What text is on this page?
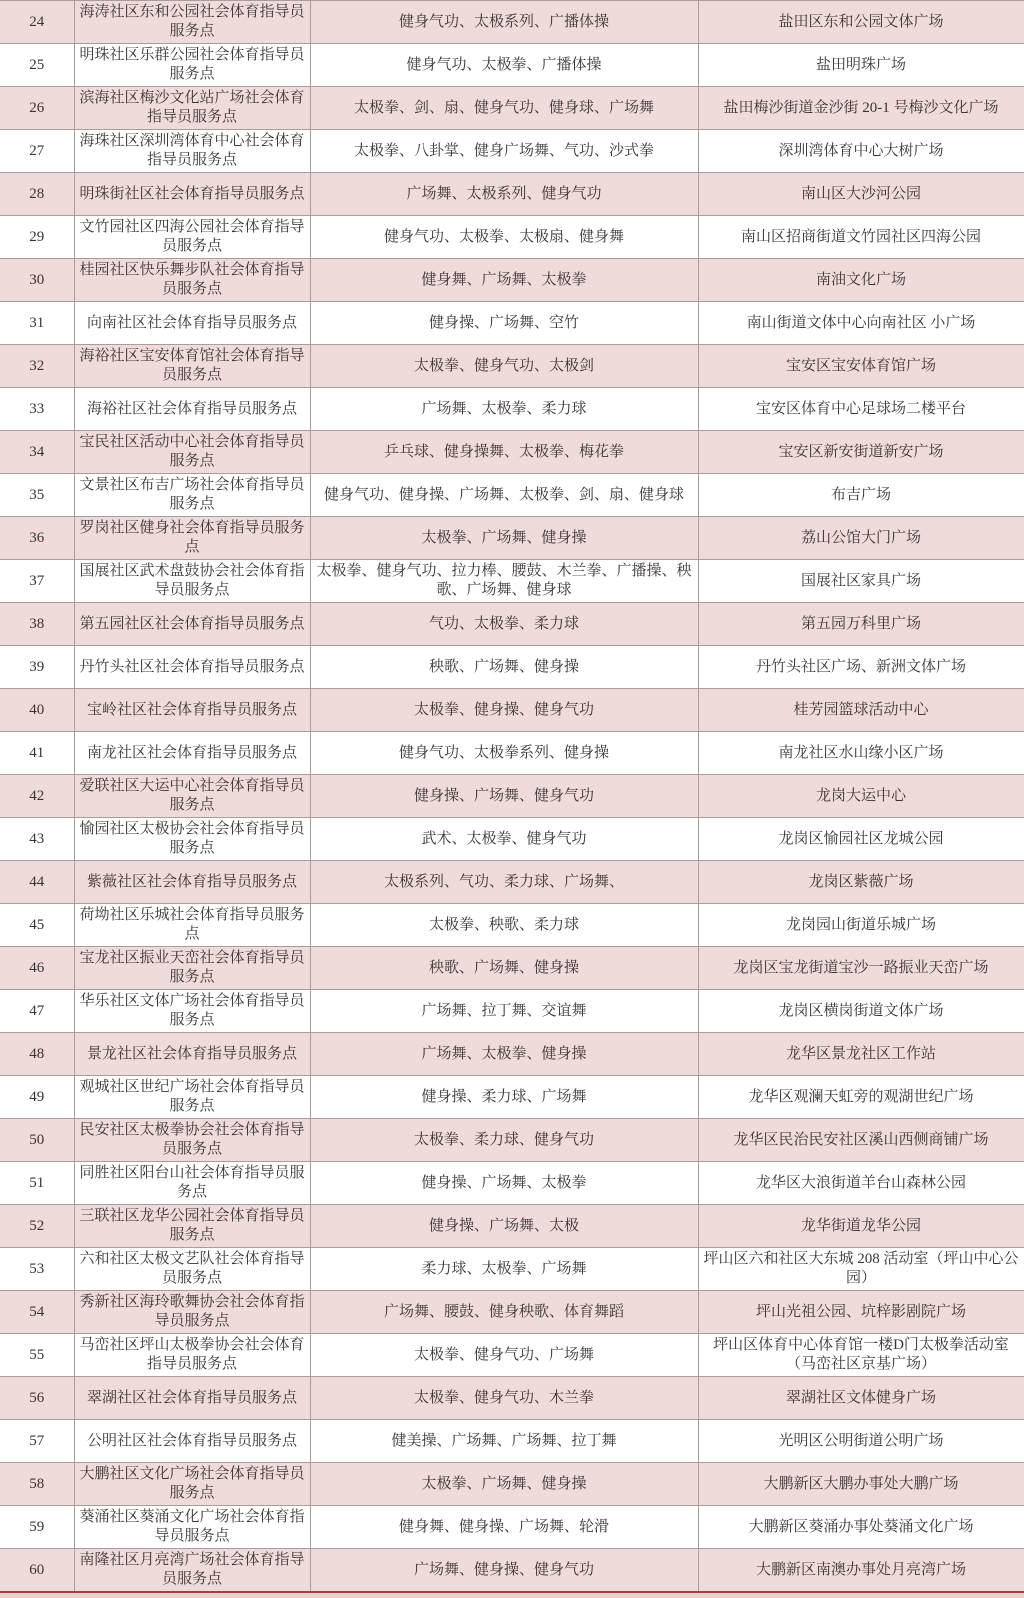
24	海涛社区东和公园社会体育指导员服务点	健身气功、太极系列、广播体操	盐田区东和公园文体广场
25	明珠社区乐群公园社会体育指导员服务点	健身气功、太极拳、广播体操	盐田明珠广场
26	滨海社区梅沙文化站广场社会体育指导员服务点	太极拳、剑、扇、健身气功、健身球、广场舞	盐田梅沙街道金沙街 20-1 号梅沙文化广场
27	海珠社区深圳湾体育中心社会体育指导员服务点	太极拳、八卦掌、健身广场舞、气功、沙式拳	深圳湾体育中心大树广场
28	明珠街社区社会体育指导员服务点	广场舞、太极系列、健身气功	南山区大沙河公园
29	文竹园社区四海公园社会体育指导员服务点	健身气功、太极拳、太极扇、健身舞	南山区招商街道文竹园社区四海公园
30	桂园社区快乐舞步队社会体育指导员服务点	健身舞、广场舞、太极拳	南油文化广场
31	向南社区社会体育指导员服务点	健身操、广场舞、空竹	南山街道文体中心向南社区 小广场
32	海裕社区宝安体育馆社会体育指导员服务点	太极拳、健身气功、太极剑	宝安区宝安体育馆广场
33	海裕社区社会体育指导员服务点	广场舞、太极拳、柔力球	宝安区体育中心足球场二楼平台
34	宝民社区活动中心社会体育指导员服务点	乒乓球、健身操舞、太极拳、梅花拳	宝安区新安街道新安广场
35	文景社区布吉广场社会体育指导员服务点	健身气功、健身操、广场舞、太极拳、剑、扇、健身球	布吉广场
36	罗岗社区健身社会体育指导员服务点	太极拳、广场舞、健身操	荔山公馆大门广场
37	国展社区武术盘鼓协会社会体育指导员服务点	太极拳、健身气功、拉力棒、腰鼓、木兰拳、广播操、秧歌、广场舞、健身球	国展社区家具广场
38	第五园社区社会体育指导员服务点	气功、太极拳、柔力球	第五园万科里广场
39	丹竹头社区社会体育指导员服务点	秧歌、广场舞、健身操	丹竹头社区广场、新洲文体广场
40	宝岭社区社会体育指导员服务点	太极拳、健身操、健身气功	桂芳园篮球活动中心
41	南龙社区社会体育指导员服务点	健身气功、太极拳系列、健身操	南龙社区水山缘小区广场
42	爱联社区大运中心社会体育指导员服务点	健身操、广场舞、健身气功	龙岗大运中心
43	愉园社区太极协会社会体育指导员服务点	武术、太极拳、健身气功	龙岗区愉园社区龙城公园
44	紫薇社区社会体育指导员服务点	太极系列、气功、柔力球、广场舞、	龙岗区紫薇广场
45	荷坳社区乐城社会体育指导员服务点	太极拳、秧歌、柔力球	龙岗园山街道乐城广场
46	宝龙社区振业天峦社会体育指导员服务点	秧歌、广场舞、健身操	龙岗区宝龙街道宝沙一路振业天峦广场
47	华乐社区文体广场社会体育指导员服务点	广场舞、拉丁舞、交谊舞	龙岗区横岗街道文体广场
48	景龙社区社会体育指导员服务点	广场舞、太极拳、健身操	龙华区景龙社区工作站
49	观城社区世纪广场社会体育指导员服务点	健身操、柔力球、广场舞	龙华区观澜天虹旁的观湖世纪广场
50	民安社区太极拳协会社会体育指导员服务点	太极拳、柔力球、健身气功	龙华区民治民安社区溪山西侧商铺广场
51	同胜社区阳台山社会体育指导员服务点	健身操、广场舞、太极拳	龙华区大浪街道羊台山森林公园
52	三联社区龙华公园社会体育指导员服务点	健身操、广场舞、太极	龙华街道龙华公园
53	六和社区太极文艺队社会体育指导员服务点	柔力球、太极拳、广场舞	坪山区六和社区大东城 208 活动室（坪山中心公园）
54	秀新社区海玲歌舞协会社会体育指导员服务点	广场舞、腰鼓、健身秧歌、体育舞蹈	坪山光祖公园、坑梓影剧院广场
55	马峦社区坪山太极拳协会社会体育指导员服务点	太极拳、健身气功、广场舞	坪山区体育中心体育馆一楼D门太极拳活动室（马峦社区京基广场）
56	翠湖社区社会体育指导员服务点	太极拳、健身气功、木兰拳	翠湖社区文体健身广场
57	公明社区社会体育指导员服务点	健美操、广场舞、广场舞、拉丁舞	光明区公明街道公明广场
58	大鹏社区文化广场社会体育指导员服务点	太极拳、广场舞、健身操	大鹏新区大鹏办事处大鹏广场
59	葵涌社区葵涌文化广场社会体育指导员服务点	健身舞、健身操、广场舞、轮滑	大鹏新区葵涌办事处葵涌文化广场
60	南隆社区月亮湾广场社会体育指导员服务点	广场舞、健身操、健身气功	大鹏新区南澳办事处月亮湾广场
